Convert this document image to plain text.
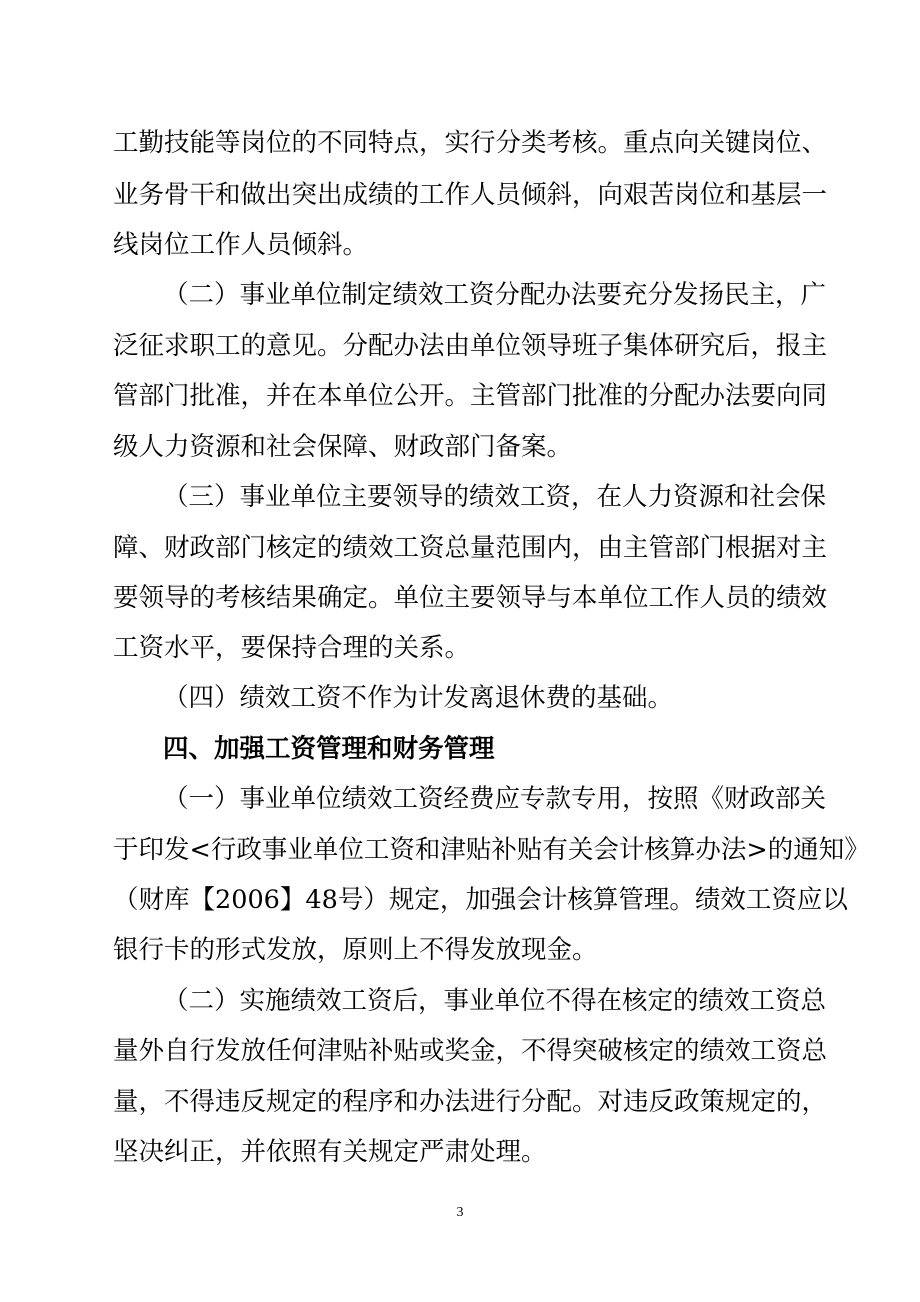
工勤技能等岗位的不同特点，实行分类考核。重点向关键岗位、
业务骨干和做出突出成绩的工作人员倾斜，向艰苦岗位和基层一
线岗位工作人员倾斜。
（二）事业单位制定绩效工资分配办法要充分发扬民主，广
泛征求职工的意见。分配办法由单位领导班子集体研究后，报主
管部门批准，并在本单位公开。主管部门批准的分配办法要向同
级人力资源和社会保障、财政部门备案。
（三）事业单位主要领导的绩效工资，在人力资源和社会保
障、财政部门核定的绩效工资总量范围内，由主管部门根据对主
要领导的考核结果确定。单位主要领导与本单位工作人员的绩效
工资水平，要保持合理的关系。
（四）绩效工资不作为计发离退休费的基础。
四、加强工资管理和财务管理
（一）事业单位绩效工资经费应专款专用，按照《财政部关
于印发<行政事业单位工资和津贴补贴有关会计核算办法>的通知》
（财库【2006】48号）规定，加强会计核算管理。绩效工资应以
银行卡的形式发放，原则上不得发放现金。
（二）实施绩效工资后，事业单位不得在核定的绩效工资总
量外自行发放任何津贴补贴或奖金，不得突破核定的绩效工资总
量，不得违反规定的程序和办法进行分配。对违反政策规定的，
坚决纠正，并依照有关规定严肃处理。
3
